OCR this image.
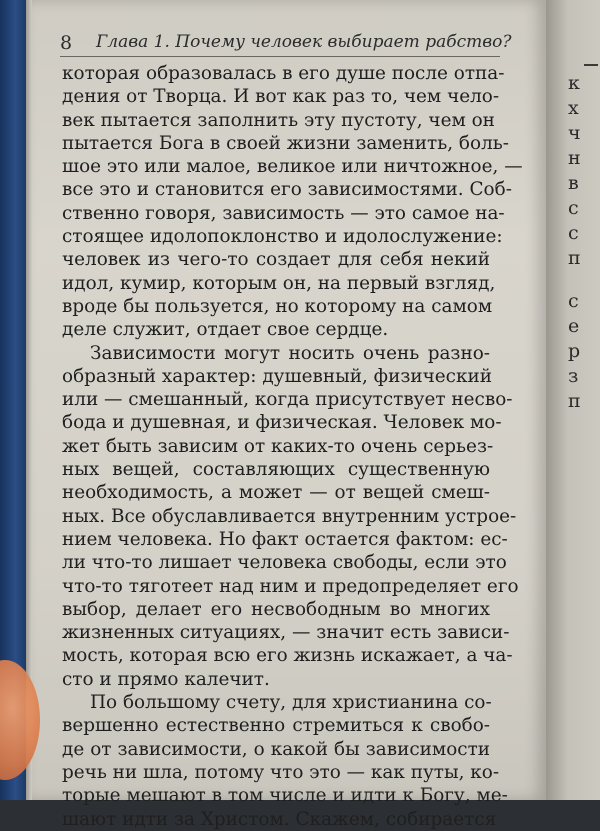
8 Глава 1. Почему человек выбирает рабство?
которая образовалась в его душе после отпа-
дения от Творца. И вот как раз то, чем чело-
век пытается заполнить эту пустоту, чем он
пытается Бога в своей жизни заменить, боль-
шое это или малое, великое или ничтожное, —
все это и становится его зависимостями. Соб-
ственно говоря, зависимость — это самое на-
стоящее идолопоклонство и идолослужение:
человек из чего-то создает для себя некий
идол, кумир, которым он, на первый взгляд,
вроде бы пользуется, но которому на самом
деле служит, отдает свое сердце.
Зависимости могут носить очень разно-
образный характер: душевный, физический
или — смешанный, когда присутствует несво-
бода и душевная, и физическая. Человек мо-
жет быть зависим от каких-то очень серьез-
ных вещей, составляющих существенную
необходимость, а может — от вещей смеш-
ных. Все обуславливается внутренним устрое-
нием человека. Но факт остается фактом: ес-
ли что-то лишает человека свободы, если это
что-то тяготеет над ним и предопределяет его
выбор, делает его несвободным во многих
жизненных ситуациях, — значит есть зависи-
мость, которая всю его жизнь искажает, а ча-
сто и прямо калечит.
По большому счету, для христианина со-
вершенно естественно стремиться к свобо-
де от зависимости, о какой бы зависимости
речь ни шла, потому что это — как путы, ко-
торые мешают в том числе и идти к Богу, ме-
шают идти за Христом. Скажем, собирается
к
х
ч
н
в
с
с
п
с
е
р
з
п
